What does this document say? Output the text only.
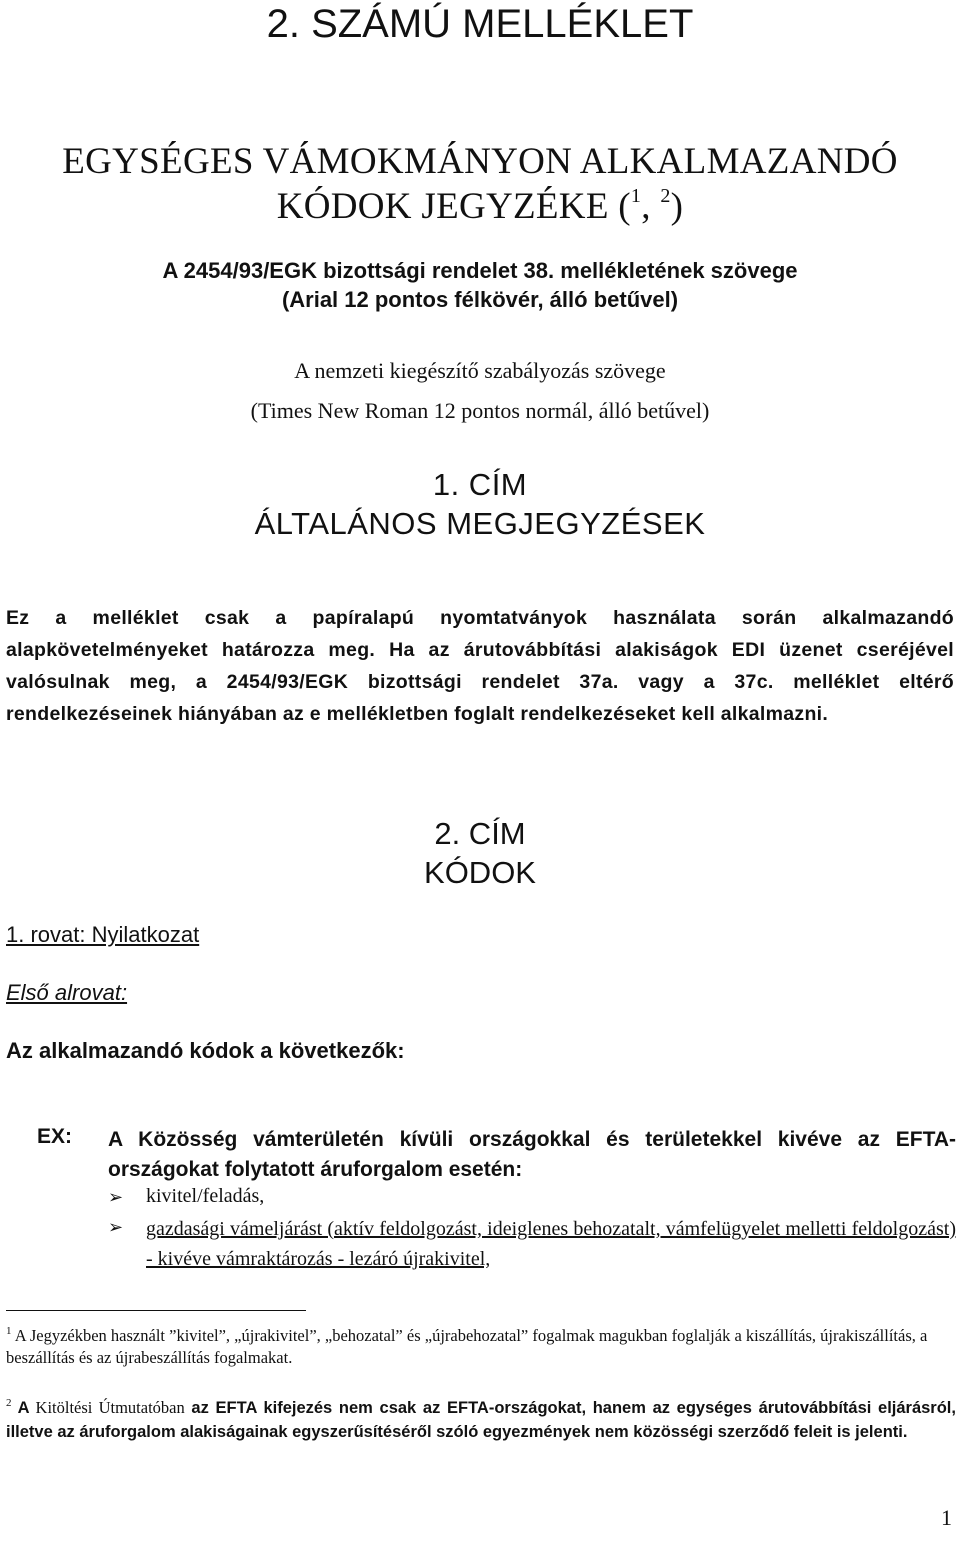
2. SZÁMÚ MELLÉKLET
EGYSÉGES VÁMOKMÁNYON ALKALMAZANDÓ
KÓDOK JEGYZÉKE ($^1$, $^2$)
A 2454/93/EGK bizottsági rendelet 38. mellékletének szövege
(Arial 12 pontos félkövér, álló betűvel)
A nemzeti kiegészítő szabályozás szövege
(Times New Roman 12 pontos normál, álló betűvel)
1. CÍM
ÁLTALÁNOS MEGJEGYZÉSEK

Ez a melléklet csak a papíralapú nyomtatványok használata során alkalmazandó alapkövetelményeket határozza meg. Ha az árutovábbítási alakiságok EDI üzenet cseréjével valósulnak meg, a 2454/93/EGK bizottsági rendelet 37a. vagy a 37c. melléklet eltérő rendelkezéseinek hiányában az e mellékletben foglalt rendelkezéseket kell alkalmazni.

2. CÍM
KÓDOK
1. rovat: Nyilatkozat
Első alrovat:
Az alkalmazandó kódok a következők:
EX: A Közösség vámterületén kívüli országokkal és területekkel kivéve az EFTA-országokat folytatott áruforgalom esetén:

➢ kivitel/feladás,
➢ gazdasági vámeljárást (aktív feldolgozást, ideiglenes behozatalt, vámfelügyelet melletti feldolgozást) - kivéve vámraktározás - lezáró újrakivitel,

$^1$ A Jegyzékben használt ”kivitel”, „újrakivitel”, „behozatal” és „újrabehozatal” fogalmak magukban foglalják a kiszállítás, újrakiszállítás, a beszállítás és az újrabeszállítás fogalmakat.

$^2$ A Kitöltési Útmutatóban az EFTA kifejezés nem csak az EFTA-országokat, hanem az egységes árutovábbítási eljárásról, illetve az áruforgalom alakiságainak egyszerűsítéséről szóló egyezmények nem közösségi szerződő feleit is jelenti.

1
